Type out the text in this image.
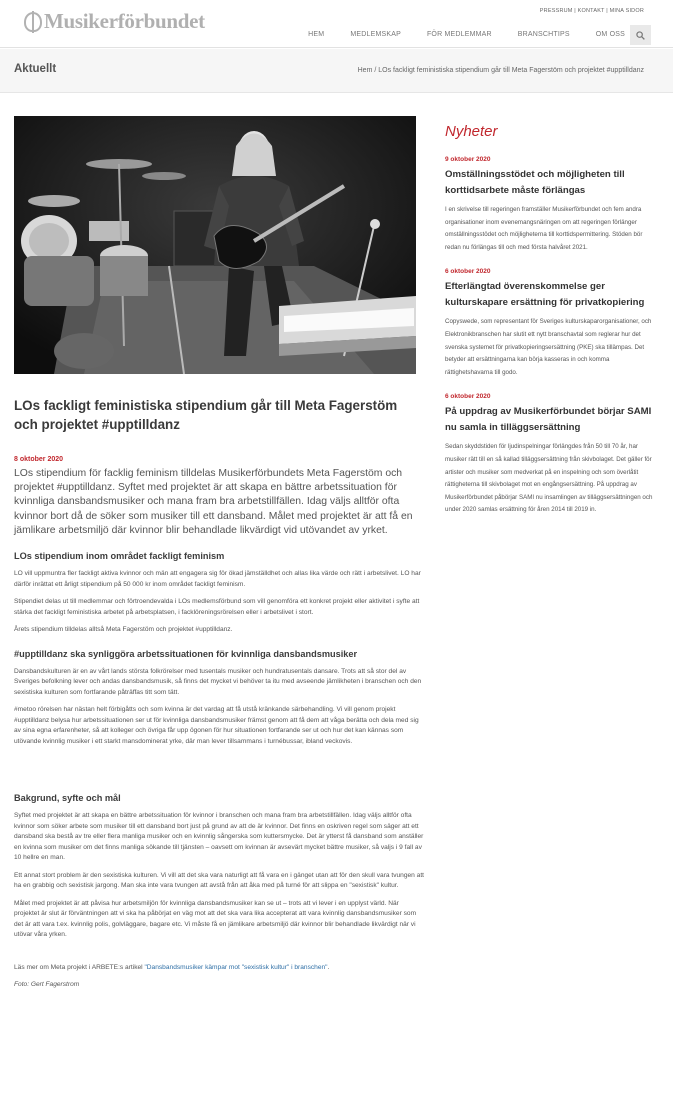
Musikerförbundet	PRESSRUM | KONTAKT | MINA SIDOR
HEM	MEDLEMSKAP	FÖR MEDLEMMAR	BRANSCHTIPS	OM OSS
Aktuellt	Hem / LOs fackligt feministiska stipendium går till Meta Fagerstöm och projektet #upptilldanz
LOs fackligt feministiska stipendium går till Meta Fagerstöm och projektet #upptilldanz
8 oktober 2020

LOs stipendium för facklig feminism tilldelas Musikerförbundets Meta Fagerstöm och projektet #upptilldanz. Syftet med projektet är att skapa en bättre arbetssituation för kvinnliga dansbandsmusiker och mana fram bra arbetstillfällen. Idag väljs alltför ofta kvinnor bort då de söker som musiker till ett dansband. Målet med projektet är att få en jämlikare arbetsmiljö där kvinnor blir behandlade likvärdigt vid utövandet av yrket.

LOs stipendium inom området fackligt feminism

LO vill uppmuntra fler fackligt aktiva kvinnor och män att engagera sig för ökad jämställdhet och allas lika värde och rätt i arbetslivet. LO har därför inrättat ett årligt stipendium på 50 000 kr inom området fackligt feminism.

Stipendiet delas ut till medlemmar och förtroendevalda i LOs medlemsförbund som vill genomföra ett konkret projekt eller aktivitet i syfte att stärka det fackligt feministiska arbetet på arbetsplatsen, i facklöreningsrörelsen eller i arbetslivet i stort.

Årets stipendium tilldelas alltså Meta Fagerstöm och projektet #upptilldanz.

#upptilldanz ska synliggöra arbetssituationen för kvinnliga dansbandsmusiker

Dansbandskulturen är en av vårt lands största folkrörelser med tusentals musiker och hundratusentals dansare. Trots att så stor del av Sveriges befolkning lever och andas dansbandsmusik, så finns det mycket vi behöver ta itu med avseende jämlikheten i branschen och den sexistiska kulturen som fortfarande påträffas titt som tätt.

#metoo rörelsen har nästan helt förbigåtts och som kvinna är det vardag att få utstå kränkande särbehandling. Vi vill genom projekt #upptilldanz belysa hur arbetssituationen ser ut för kvinnliga dansbandsmusiker främst genom att få dem att våga berätta och dela med sig av sina egna erfarenheter, så att kolleger och övriga får upp ögonen för hur situationen fortfarande ser ut och hur det kan kännas som utövande kvinnlig musiker i ett starkt mansdominerat yrke, där man lever tillsammans i turnébussar, ibland veckovis.

Bakgrund, syfte och mål

Syftet med projektet är att skapa en bättre arbetssituation för kvinnor i branschen och mana fram bra arbetstillfällen. Idag väljs alltför ofta kvinnor som söker arbete som musiker till ett dansband bort just på grund av att de är kvinnor. Det finns en oskriven regel som säger att ett dansband ska bestå av tre eller flera manliga musiker och en kvinnlig sångerska som kuttersmycke. Det är ytterst få dansband som anställer en kvinna som musiker om det finns manliga sökande till tjänsten – oavsett om kvinnan är avsevärt mycket bättre musiker, så valjs i 9 fall av 10 hellre en man.

Ett annat stort problem är den sexistiska kulturen. Vi vill att det ska vara naturligt att få vara en i gänget utan att för den skull vara tvungen att ha en grabbig och sexistisk jargong. Man ska inte vara tvungen att avstå från att åka med på turné för att slippa en "sexistisk" kultur.

Målet med projektet är att påvisa hur arbetsmiljön för kvinnliga dansbandsmusiker kan se ut – trots att vi lever i en upplyst värld. När projektet är slut är förväntningen att vi ska ha påbörjat en väg mot att det ska vara lika accepterat att vara kvinnlig dansbandsmusiker som det är att vara t.ex. kvinnlig polis, golvläggare, bagare etc. Vi måste få en jämlikare arbetsmiljö där kvinnor blir behandlade likvärdigt när vi utövar våra yrken.

Läs mer om Meta projekt i ARBETE:s artikel "Dansbandsmusiker kämpar mot "sexistisk kultur" i branschen".

Foto: Gert Fagerstrom

Nyheter
9 oktober 2020
Omställningsstödet och möjligheten till korttidsarbete måste förlängas
I en skrivelse till regeringen framställer Musikerförbundet och fem andra organisationer inom evenemangsnäringen om att regeringen förlänger omställningsstödet och möjligheterna till korttidspermittering. Stöden bör redan nu förlängas till och med första halvåret 2021.
6 oktober 2020
Efterlängtad överenskommelse ger kulturskapare ersättning för privatkopiering
Copyswede, som representant för Sveriges kulturskaparorganisationer, och Elektronikbranschen har slutit ett nytt branschavtal som reglerar hur det svenska systemet för privatkopieringsersättning (PKE) ska tillämpas. Det betyder att ersättningarna kan börja kasseras in och komma rättighetshavarna till godo.
6 oktober 2020
På uppdrag av Musikerförbundet börjar SAMI nu samla in tilläggsersättning
Sedan skyddstiden för ljudinspelningar förlängdes från 50 till 70 år, har musiker rätt till en så kallad tilläggsersättning från skivbolaget. Det gäller för artister och musiker som medverkat på en inspelning och som överlåtit rättigheterna till skivbolaget mot en engångsersättning. På uppdrag av Musikerförbundet påbörjar SAMI nu insamlingen av tilläggsersättningen och under 2020 samlas ersättning för åren 2014 till 2019 in.
